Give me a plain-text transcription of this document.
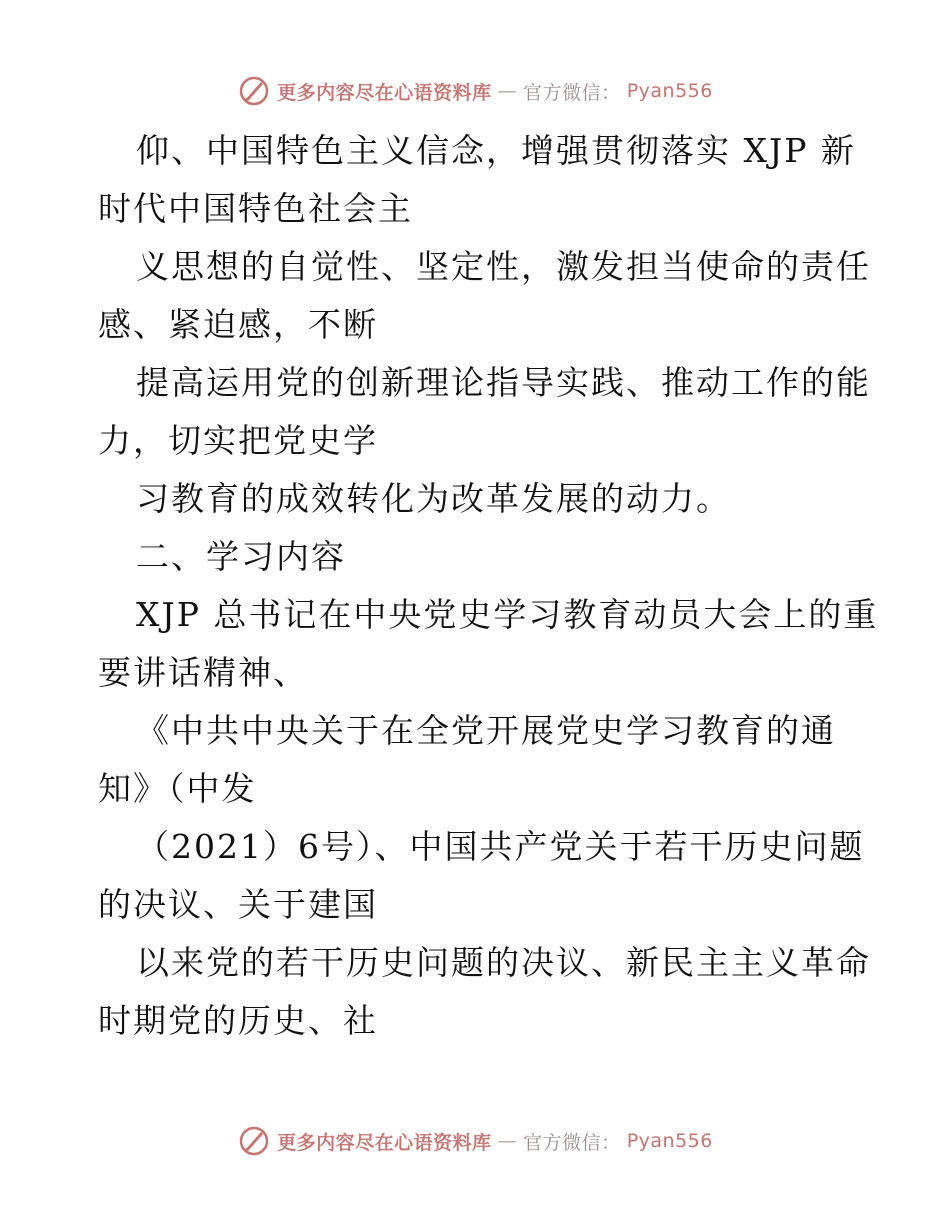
更多内容尽在心语资料库 — 官方微信： Pyan556
仰、中国特色主义信念，增强贯彻落实 XJP 新
时代中国特色社会主
义思想的自觉性、坚定性，激发担当使命的责任
感、紧迫感，不断
提高运用党的创新理论指导实践、推动工作的能
力，切实把党史学
习教育的成效转化为改革发展的动力。
二、学习内容
XJP 总书记在中央党史学习教育动员大会上的重
要讲话精神、
《中共中央关于在全党开展党史学习教育的通
知》（中发
（2021）6号）、中国共产党关于若干历史问题
的决议、关于建国
以来党的若干历史问题的决议、新民主主义革命
时期党的历史、社
更多内容尽在心语资料库 — 官方微信： Pyan556
